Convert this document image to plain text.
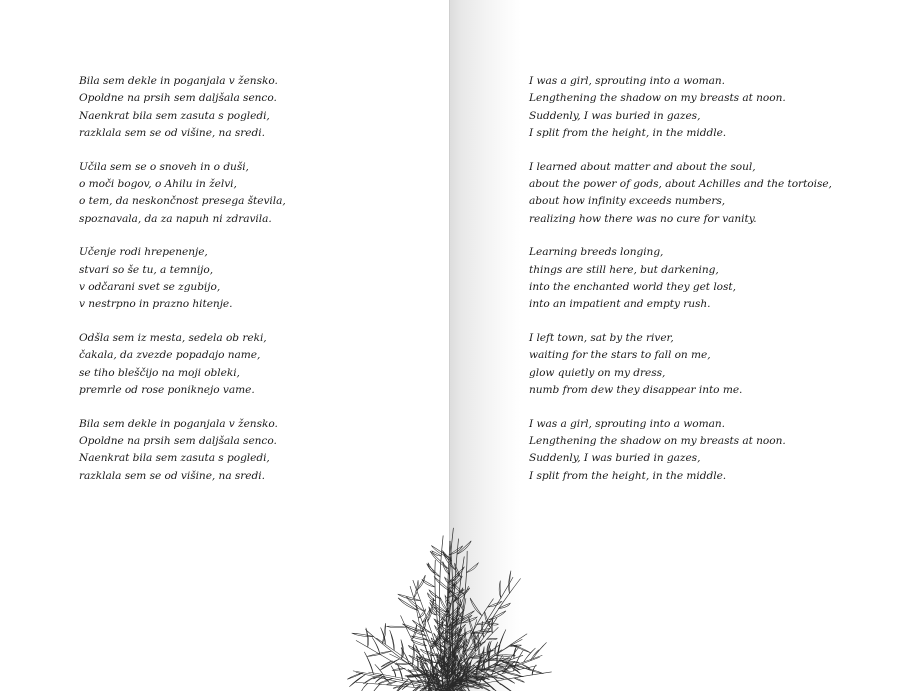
Bila sem dekle in poganjala v žensko.
Opoldne na prsih sem daljšala senco.
Naenkrat bila sem zasuta s pogledi,
razklala sem se od višine, na sredi.
Učila sem se o snoveh in o duši,
o moči bogov, o Ahilu in želvi,
o tem, da neskončnost presega števila,
spoznavala, da za napuh ni zdravila.
Učenje rodi hrepenenje,
stvari so še tu, a temnijo,
v odčarani svet se zgubijo,
v nestrpno in prazno hitenje.
Odšla sem iz mesta, sedela ob reki,
čakala, da zvezde popadajo name,
se tiho bleščijo na moji obleki,
premrle od rose poniknejo vame.
Bila sem dekle in poganjala v žensko.
Opoldne na prsih sem daljšala senco.
Naenkrat bila sem zasuta s pogledi,
razklala sem se od višine, na sredi.
I was a girl, sprouting into a woman.
Lengthening the shadow on my breasts at noon.
Suddenly, I was buried in gazes,
I split from the height, in the middle.
I learned about matter and about the soul,
about the power of gods, about Achilles and the tortoise,
about how infinity exceeds numbers,
realizing how there was no cure for vanity.
Learning breeds longing,
things are still here, but darkening,
into the enchanted world they get lost,
into an impatient and empty rush.
I left town, sat by the river,
waiting for the stars to fall on me,
glow quietly on my dress,
numb from dew they disappear into me.
I was a girl, sprouting into a woman.
Lengthening the shadow on my breasts at noon.
Suddenly, I was buried in gazes,
I split from the height, in the middle.
